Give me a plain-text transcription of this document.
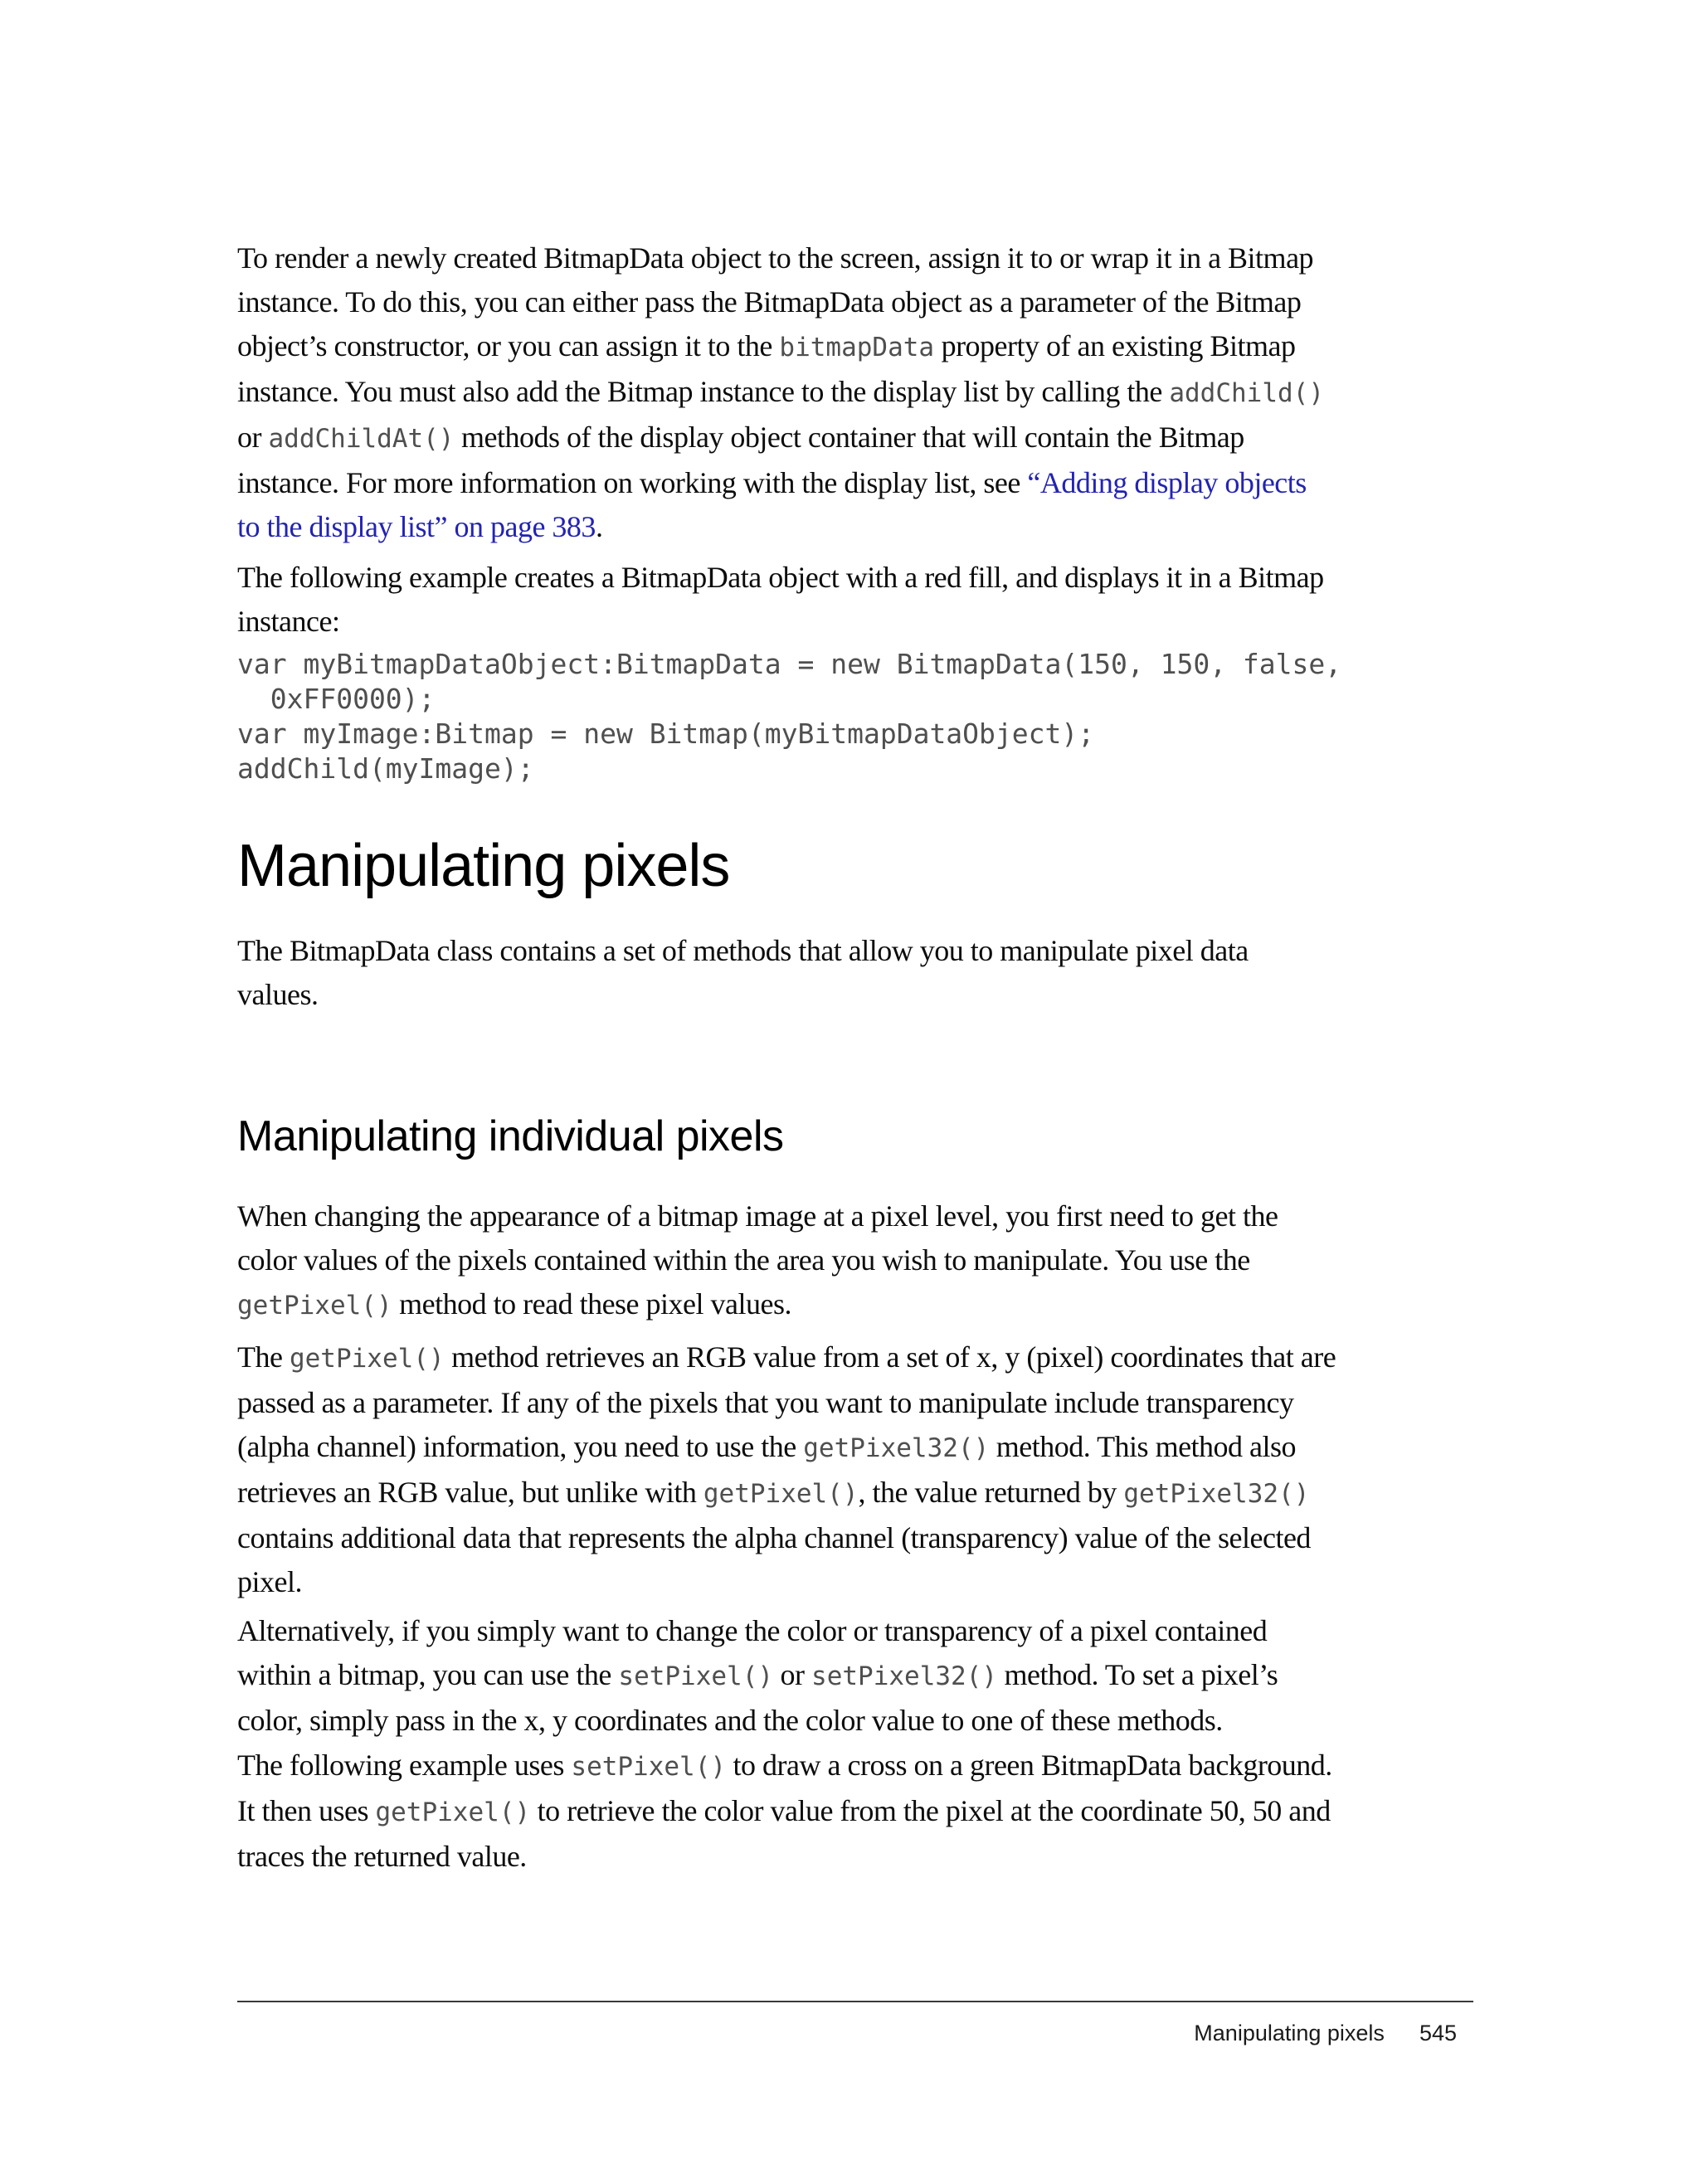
To render a newly created BitmapData object to the screen, assign it to or wrap it in a Bitmap
instance. To do this, you can either pass the BitmapData object as a parameter of the Bitmap
object’s constructor, or you can assign it to the bitmapData property of an existing Bitmap
instance. You must also add the Bitmap instance to the display list by calling the addChild()
or addChildAt() methods of the display object container that will contain the Bitmap
instance. For more information on working with the display list, see “Adding display objects
to the display list” on page 383.
The following example creates a BitmapData object with a red fill, and displays it in a Bitmap
instance:
var myBitmapDataObject:BitmapData = new BitmapData(150, 150, false,
0xFF0000);
var myImage:Bitmap = new Bitmap(myBitmapDataObject);
addChild(myImage);
The BitmapData class contains a set of methods that allow you to manipulate pixel data
values.
When changing the appearance of a bitmap image at a pixel level, you first need to get the
color values of the pixels contained within the area you wish to manipulate. You use the
getPixel() method to read these pixel values.
The getPixel() method retrieves an RGB value from a set of x, y (pixel) coordinates that are
passed as a parameter. If any of the pixels that you want to manipulate include transparency
(alpha channel) information, you need to use the getPixel32() method. This method also
retrieves an RGB value, but unlike with getPixel(), the value returned by getPixel32()
contains additional data that represents the alpha channel (transparency) value of the selected
pixel.
Alternatively, if you simply want to change the color or transparency of a pixel contained
within a bitmap, you can use the setPixel() or setPixel32() method. To set a pixel’s
color, simply pass in the x, y coordinates and the color value to one of these methods.
The following example uses setPixel() to draw a cross on a green BitmapData background.
It then uses getPixel() to retrieve the color value from the pixel at the coordinate 50, 50 and
traces the returned value.
Manipulating pixels
Manipulating individual pixels
Manipulating pixels 545
